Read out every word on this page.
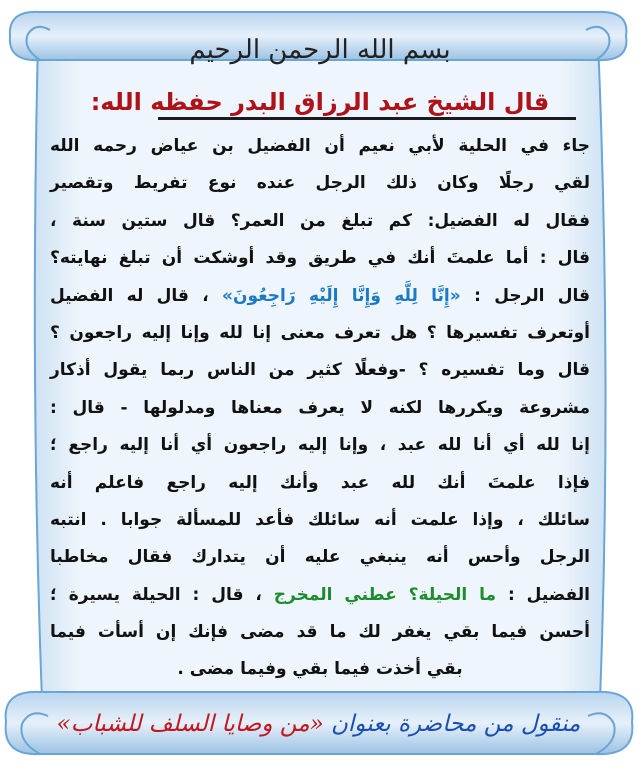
بسم الله الرحمن الرحيم
قال الشيخ عبد الرزاق البدر حفظه الله:
جاء في الحلية لأبي نعيم أن الفضيل بن عياض رحمه الله
لقي رجلًا وكان ذلك الرجل عنده نوع تفريط وتقصير
فقال له الفضيل: كم تبلغ من العمر؟ قال ستين سنة ،
قال : أما علمتَ أنك في طريق وقد أوشكت أن تبلغ نهايته؟
قال الرجل : «إِنَّا لِلَّهِ وَإِنَّا إِلَيْهِ رَاجِعُونَ» ، قال له الفضيل
أوتعرف تفسيرها ؟ هل تعرف معنى إنا لله وإنا إليه راجعون ؟
قال وما تفسيره ؟ -وفعلًا كثير من الناس ربما يقول أذكار
مشروعة ويكررها لكنه لا يعرف معناها ومدلولها - قال :
إنا لله أي أنا لله عبد ، وإنا إليه راجعون أي أنا إليه راجع ؛
فإذا علمتَ أنك لله عبد وأنك إليه راجع فاعلم أنه
سائلك ، وإذا علمت أنه سائلك فأعد للمسألة جوابا . انتبه
الرجل وأحس أنه ينبغي عليه أن يتدارك فقال مخاطبا
الفضيل : ما الحيلة؟ عطني المخرج ، قال : الحيلة يسيرة ؛
أحسن فيما بقي يغفر لك ما قد مضى فإنك إن أسأت فيما
بقي أخذت فيما بقي وفيما مضى .
منقول من محاضرة بعنوان «من وصايا السلف للشباب»
